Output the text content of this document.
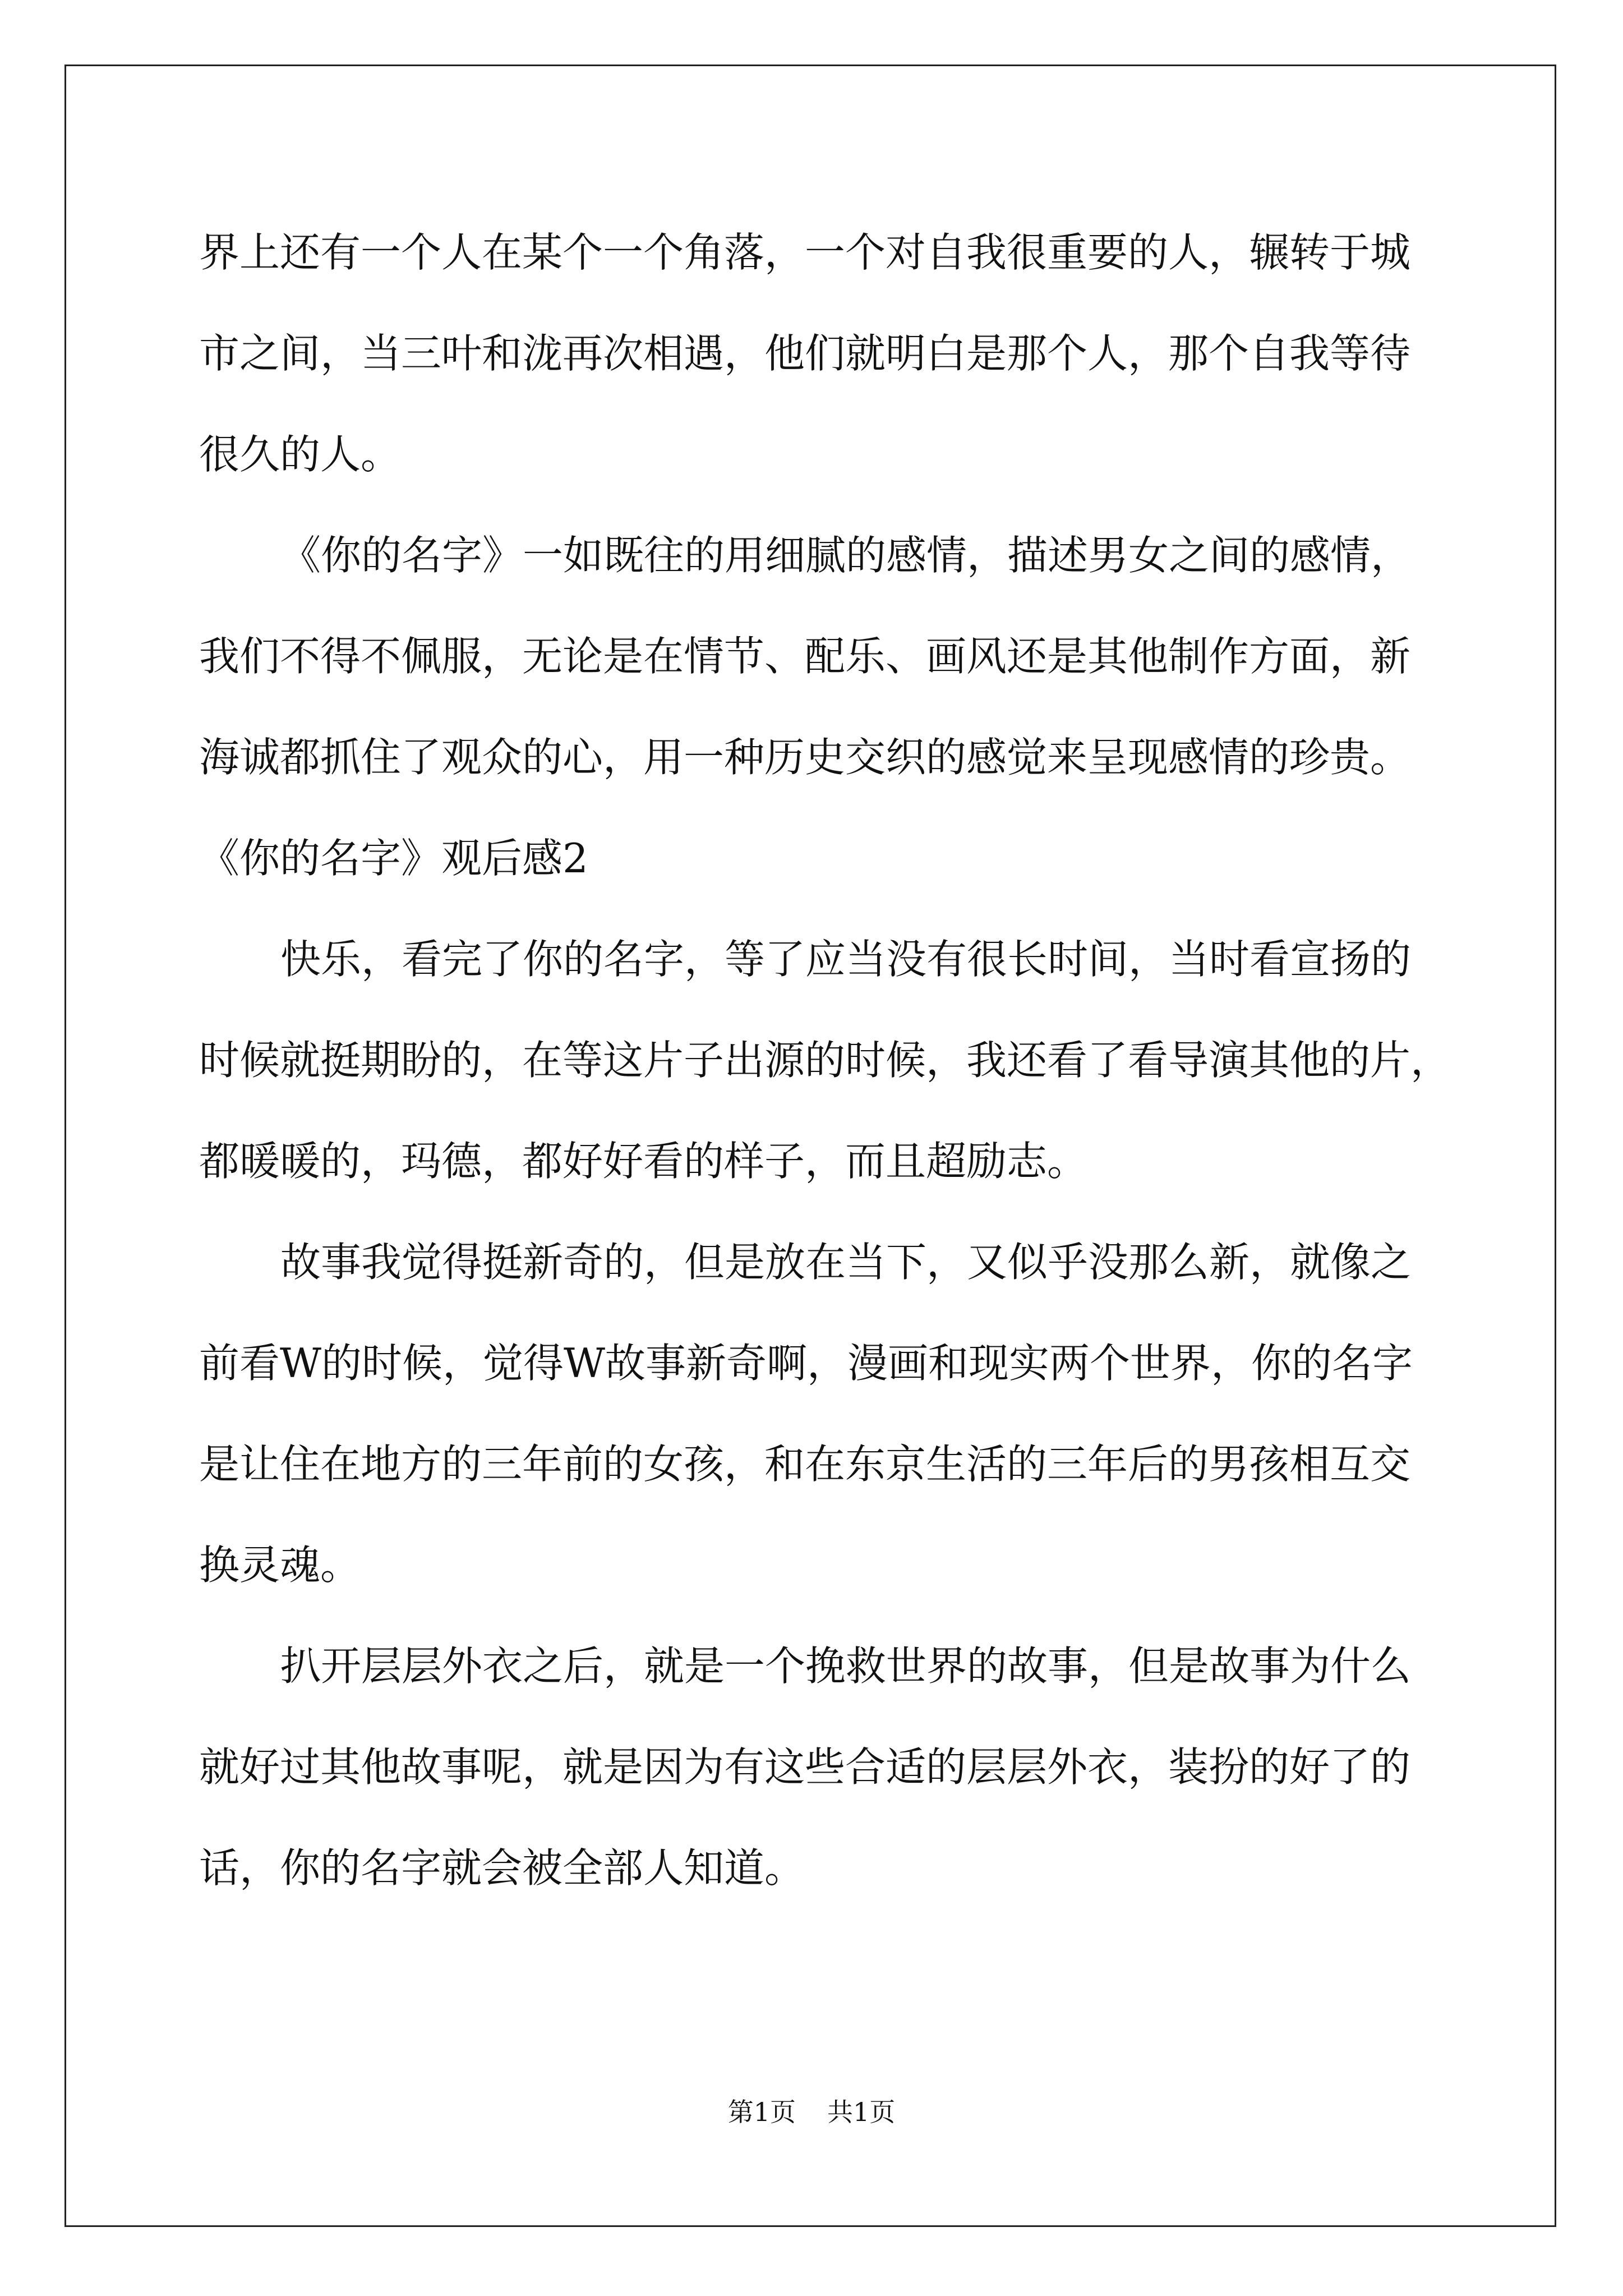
界上还有一个人在某个一个角落，一个对自我很重要的人，辗转于城
市之间，当三叶和泷再次相遇，他们就明白是那个人，那个自我等待
很久的人。
《你的名字》一如既往的用细腻的感情，描述男女之间的感情，
我们不得不佩服，无论是在情节、配乐、画风还是其他制作方面，新
海诚都抓住了观众的心，用一种历史交织的感觉来呈现感情的珍贵。
《你的名字》观后感2
快乐，看完了你的名字，等了应当没有很长时间，当时看宣扬的
时候就挺期盼的，在等这片子出源的时候，我还看了看导演其他的片，
都暖暖的，玛德，都好好看的样子，而且超励志。
故事我觉得挺新奇的，但是放在当下，又似乎没那么新，就像之
前看W的时候，觉得W故事新奇啊，漫画和现实两个世界，你的名字
是让住在地方的三年前的女孩，和在东京生活的三年后的男孩相互交
换灵魂。
扒开层层外衣之后，就是一个挽救世界的故事，但是故事为什么
就好过其他故事呢，就是因为有这些合适的层层外衣，装扮的好了的
话，你的名字就会被全部人知道。
第1页 共1页
